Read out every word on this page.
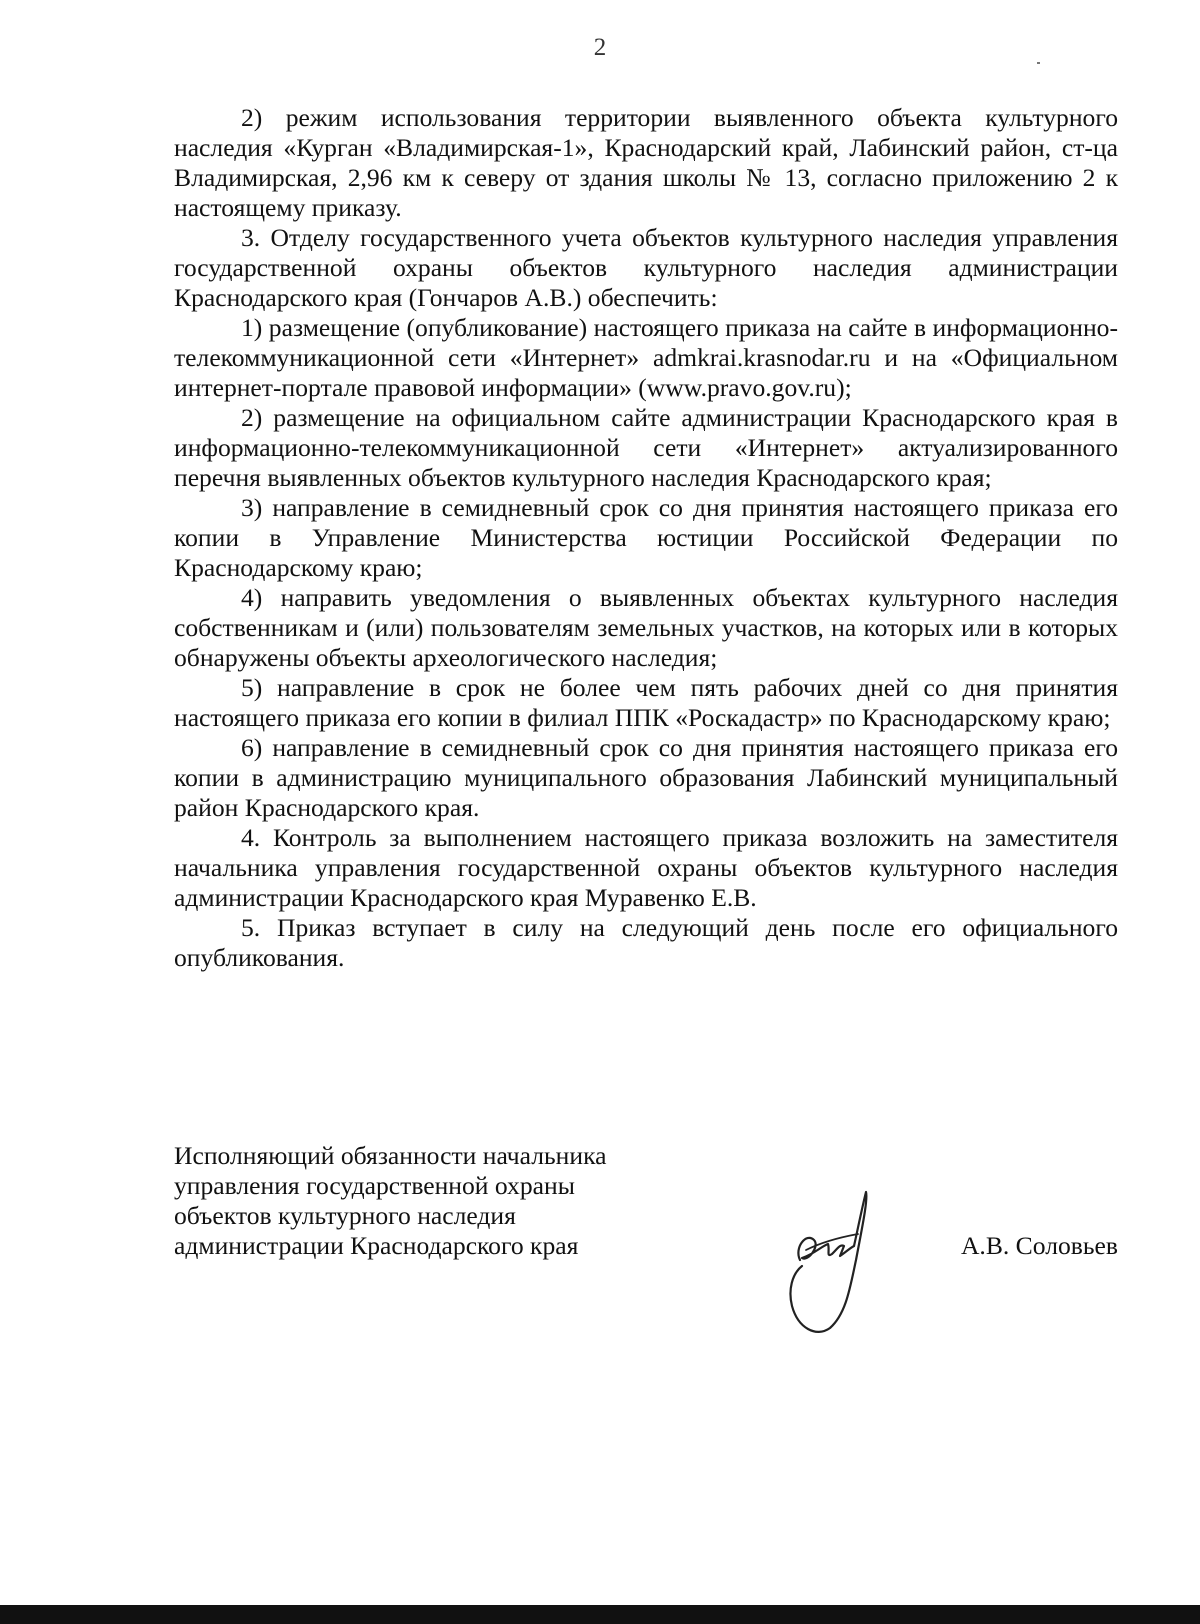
2

2) режим использования территории выявленного объекта культурного наследия «Курган «Владимирская-1», Краснодарский край, Лабинский район, ст-ца Владимирская, 2,96 км к северу от здания школы № 13, согласно приложению 2 к настоящему приказу.

3. Отделу государственного учета объектов культурного наследия управления государственной охраны объектов культурного наследия администрации Краснодарского края (Гончаров А.В.) обеспечить:

1) размещение (опубликование) настоящего приказа на сайте в информационно-телекоммуникационной сети «Интернет» admkrai.krasnodar.ru и на «Официальном интернет-портале правовой информации» (www.pravo.gov.ru);

2) размещение на официальном сайте администрации Краснодарского края в информационно-телекоммуникационной сети «Интернет» актуализированного перечня выявленных объектов культурного наследия Краснодарского края;

3) направление в семидневный срок со дня принятия настоящего приказа его копии в Управление Министерства юстиции Российской Федерации по Краснодарскому краю;

4) направить уведомления о выявленных объектах культурного наследия собственникам и (или) пользователям земельных участков, на которых или в которых обнаружены объекты археологического наследия;

5) направление в срок не более чем пять рабочих дней со дня принятия настоящего приказа его копии в филиал ППК «Роскадастр» по Краснодарскому краю;

6) направление в семидневный срок со дня принятия настоящего приказа его копии в администрацию муниципального образования Лабинский муниципальный район Краснодарского края.

4. Контроль за выполнением настоящего приказа возложить на заместителя начальника управления государственной охраны объектов культурного наследия администрации Краснодарского края Муравенко Е.В.

5. Приказ вступает в силу на следующий день после его официального опубликования.

Исполняющий обязанности начальника
управления государственной охраны
объектов культурного наследия
администрации Краснодарского края	А.В. Соловьев
